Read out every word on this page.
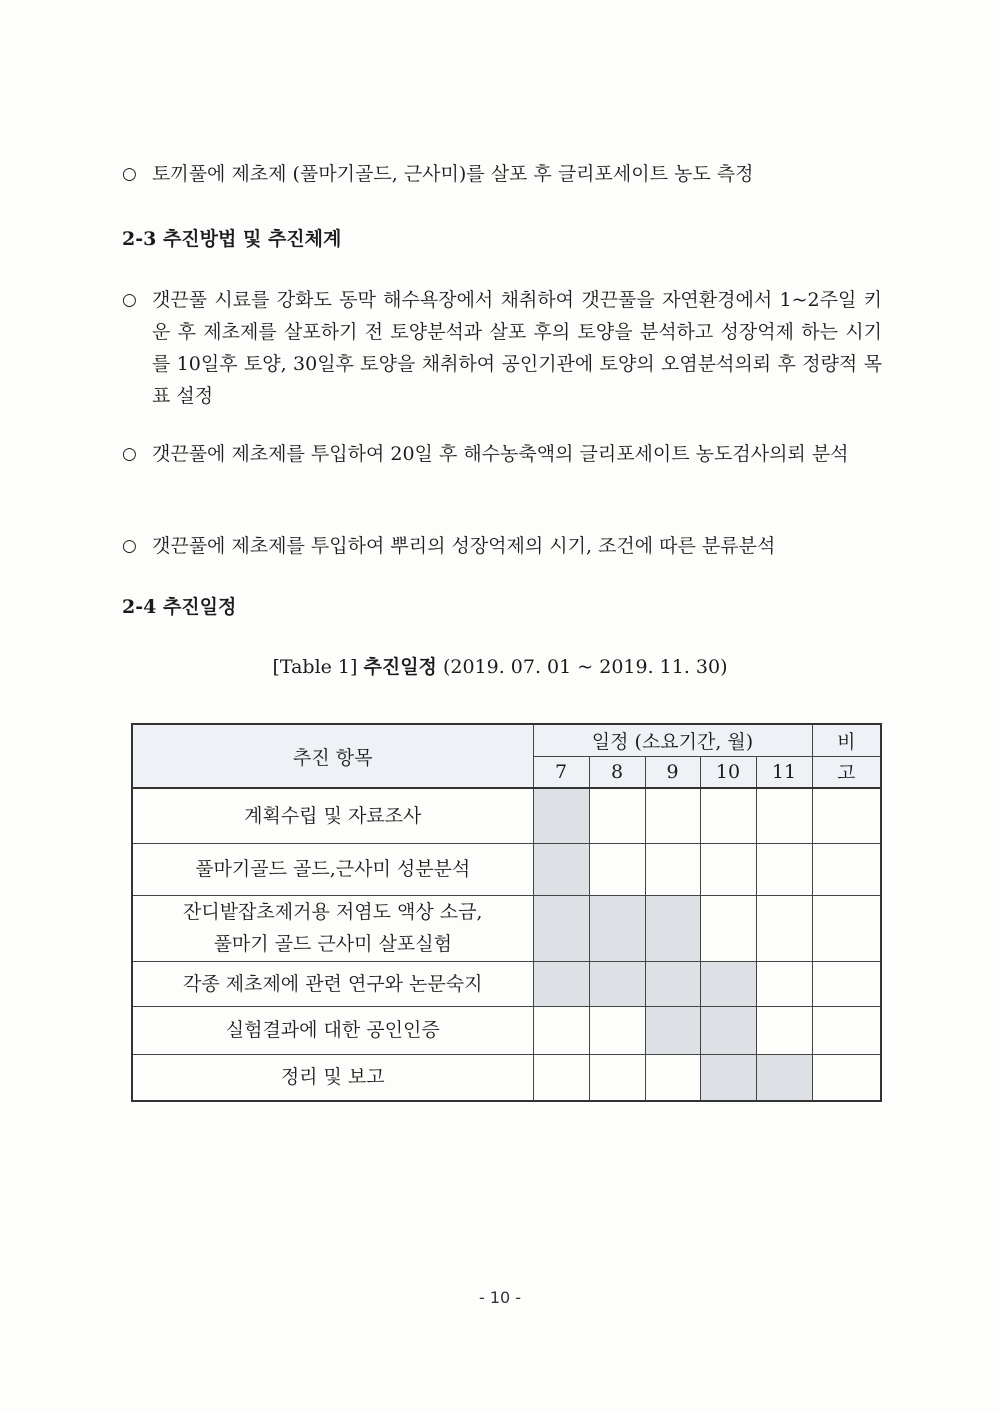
○ 토끼풀에 제초제 (풀마기골드, 근사미)를 살포 후 글리포세이트 농도 측정
2-3 추진방법 및 추진체계
○ 갯끈풀 시료를 강화도 동막 해수욕장에서 채취하여 갯끈풀을 자연환경에서 1~2주일 키운 후 제초제를 살포하기 전 토양분석과 살포 후의 토양을 분석하고 성장억제 하는 시기를 10일후 토양, 30일후 토양을 채취하여 공인기관에 토양의 오염분석의뢰 후 정량적 목표 설정
○ 갯끈풀에 제초제를 투입하여 20일 후 해수농축액의 글리포세이트 농도검사의뢰 분석
○ 갯끈풀에 제초제를 투입하여 뿌리의 성장억제의 시기, 조건에 따른 분류분석
2-4 추진일정
[Table 1] 추진일정 (2019. 07. 01 ~ 2019. 11. 30)
추진 항목	일정 (소요기간, 월)					비
	7	8	9	10	11	고

계획수립 및 자료조사						

풀마기골드 골드,근사미 성분분석						

잔디밭잡초제거용 저염도 액상 소금,
풀마기 골드 근사미 살포실험						

각종 제초제에 관련 연구와 논문숙지						

실험결과에 대한 공인인증						

정리 및 보고						

- 10 -
